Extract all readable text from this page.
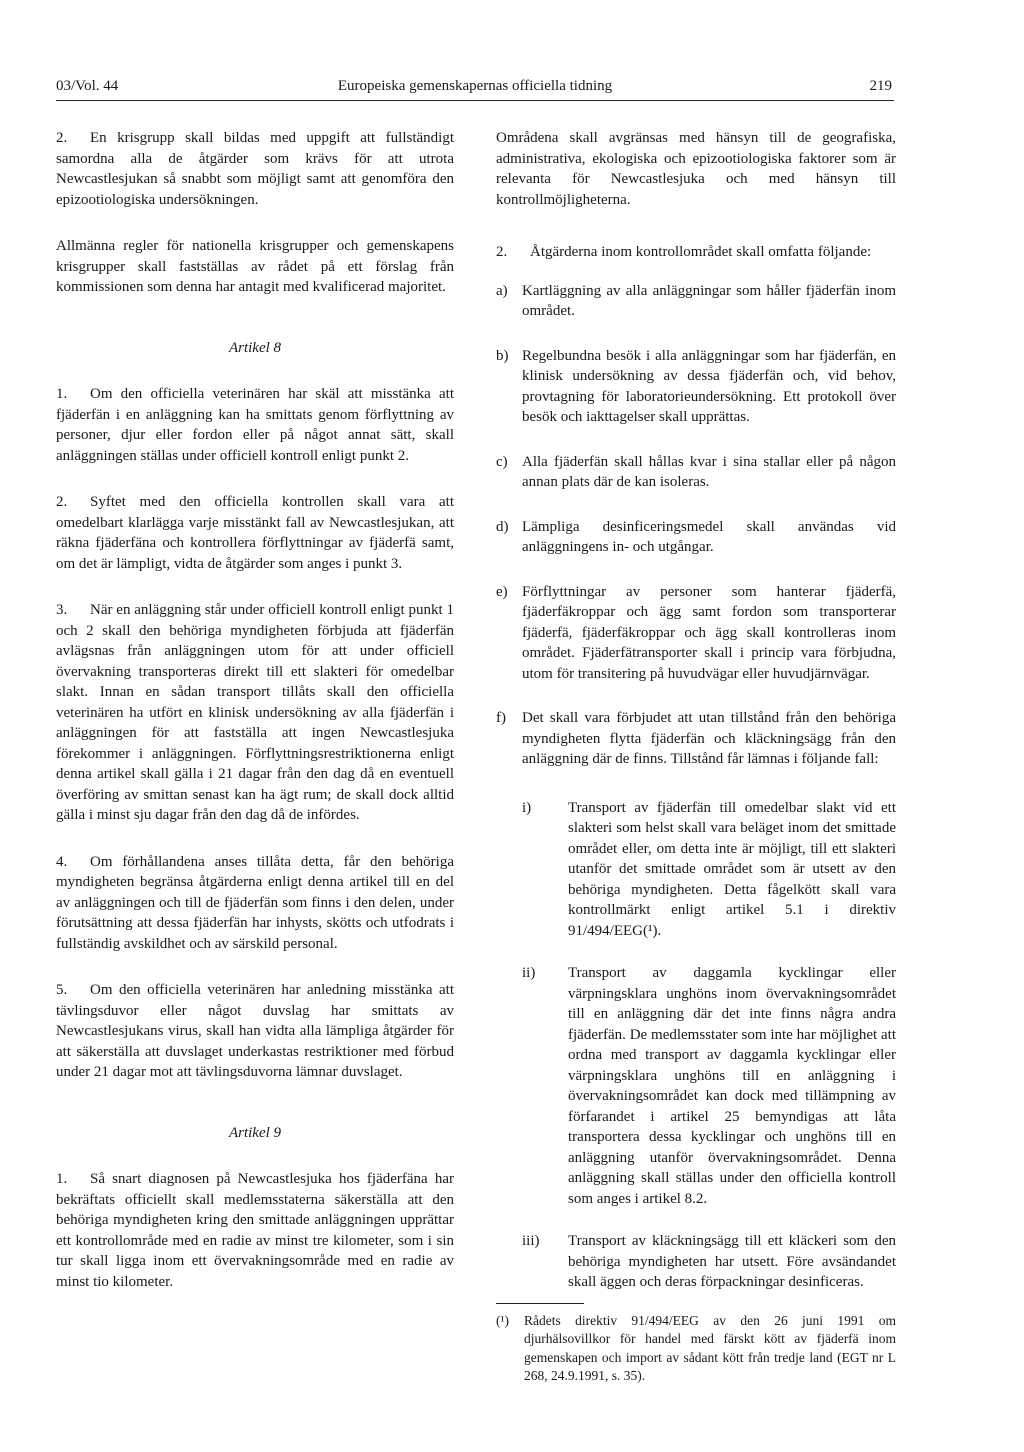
03/Vol. 44	Europeiska gemenskapernas officiella tidning	219

2. En krisgrupp skall bildas med uppgift att fullständigt samordna alla de åtgärder som krävs för att utrota Newcastlesjukan så snabbt som möjligt samt att genomföra den epizootiologiska undersökningen.

Allmänna regler för nationella krisgrupper och gemenskapens krisgrupper skall fastställas av rådet på ett förslag från kommissionen som denna har antagit med kvalificerad majoritet.

Artikel 8

1. Om den officiella veterinären har skäl att misstänka att fjäderfän i en anläggning kan ha smittats genom förflyttning av personer, djur eller fordon eller på något annat sätt, skall anläggningen ställas under officiell kontroll enligt punkt 2.

2. Syftet med den officiella kontrollen skall vara att omedelbart klarlägga varje misstänkt fall av Newcastlesjukan, att räkna fjäderfäna och kontrollera förflyttningar av fjäderfä samt, om det är lämpligt, vidta de åtgärder som anges i punkt 3.

3. När en anläggning står under officiell kontroll enligt punkt 1 och 2 skall den behöriga myndigheten förbjuda att fjäderfän avlägsnas från anläggningen utom för att under officiell övervakning transporteras direkt till ett slakteri för omedelbar slakt. Innan en sådan transport tillåts skall den officiella veterinären ha utfört en klinisk undersökning av alla fjäderfän i anläggningen för att fastställa att ingen Newcastlesjuka förekommer i anläggningen. Förflyttningsrestriktionerna enligt denna artikel skall gälla i 21 dagar från den dag då en eventuell överföring av smittan senast kan ha ägt rum; de skall dock alltid gälla i minst sju dagar från den dag då de infördes.

4. Om förhållandena anses tillåta detta, får den behöriga myndigheten begränsa åtgärderna enligt denna artikel till en del av anläggningen och till de fjäderfän som finns i den delen, under förutsättning att dessa fjäderfän har inhysts, skötts och utfodrats i fullständig avskildhet och av särskild personal.

5. Om den officiella veterinären har anledning misstänka att tävlingsduvor eller något duvslag har smittats av Newcastlesjukans virus, skall han vidta alla lämpliga åtgärder för att säkerställa att duvslaget underkastas restriktioner med förbud under 21 dagar mot att tävlingsduvorna lämnar duvslaget.

Artikel 9

1. Så snart diagnosen på Newcastlesjuka hos fjäderfäna har bekräftats officiellt skall medlemsstaterna säkerställa att den behöriga myndigheten kring den smittade anläggningen upprättar ett kontrollområde med en radie av minst tre kilometer, som i sin tur skall ligga inom ett övervakningsområde med en radie av minst tio kilometer.

Områdena skall avgränsas med hänsyn till de geografiska, administrativa, ekologiska och epizootiologiska faktorer som är relevanta för Newcastlesjuka och med hänsyn till kontrollmöjligheterna.

2. Åtgärderna inom kontrollområdet skall omfatta följande:

a) Kartläggning av alla anläggningar som håller fjäderfän inom området.
b) Regelbundna besök i alla anläggningar som har fjäderfän, en klinisk undersökning av dessa fjäderfän och, vid behov, provtagning för laboratorieundersökning. Ett protokoll över besök och iakttagelser skall upprättas.
c) Alla fjäderfän skall hållas kvar i sina stallar eller på någon annan plats där de kan isoleras.
d) Lämpliga desinficeringsmedel skall användas vid anläggningens in- och utgångar.
e) Förflyttningar av personer som hanterar fjäderfä, fjäderfäkroppar och ägg samt fordon som transporterar fjäderfä, fjäderfäkroppar och ägg skall kontrolleras inom området. Fjäderfätransporter skall i princip vara förbjudna, utom för transitering på huvudvägar eller huvudjärnvägar.
f) Det skall vara förbjudet att utan tillstånd från den behöriga myndigheten flytta fjäderfän och kläckningsägg från den anläggning där de finns. Tillstånd får lämnas i följande fall:
i) Transport av fjäderfän till omedelbar slakt vid ett slakteri som helst skall vara beläget inom det smittade området eller, om detta inte är möjligt, till ett slakteri utanför det smittade området som är utsett av den behöriga myndigheten. Detta fågelkött skall vara kontrollmärkt enligt artikel 5.1 i direktiv 91/494/EEG(¹).
ii) Transport av daggamla kycklingar eller värpningsklara unghöns inom övervakningsområdet till en anläggning där det inte finns några andra fjäderfän. De medlemsstater som inte har möjlighet att ordna med transport av daggamla kycklingar eller värpningsklara unghöns till en anläggning i övervakningsområdet kan dock med tillämpning av förfarandet i artikel 25 bemyndigas att låta transportera dessa kycklingar och unghöns till en anläggning utanför övervakningsområdet. Denna anläggning skall ställas under den officiella kontroll som anges i artikel 8.2.
iii) Transport av kläckningsägg till ett kläckeri som den behöriga myndigheten har utsett. Före avsändandet skall äggen och deras förpackningar desinficeras.
(¹) Rådets direktiv 91/494/EEG av den 26 juni 1991 om djurhälsovillkor för handel med färskt kött av fjäderfä inom gemenskapen och import av sådant kött från tredje land (EGT nr L 268, 24.9.1991, s. 35).
